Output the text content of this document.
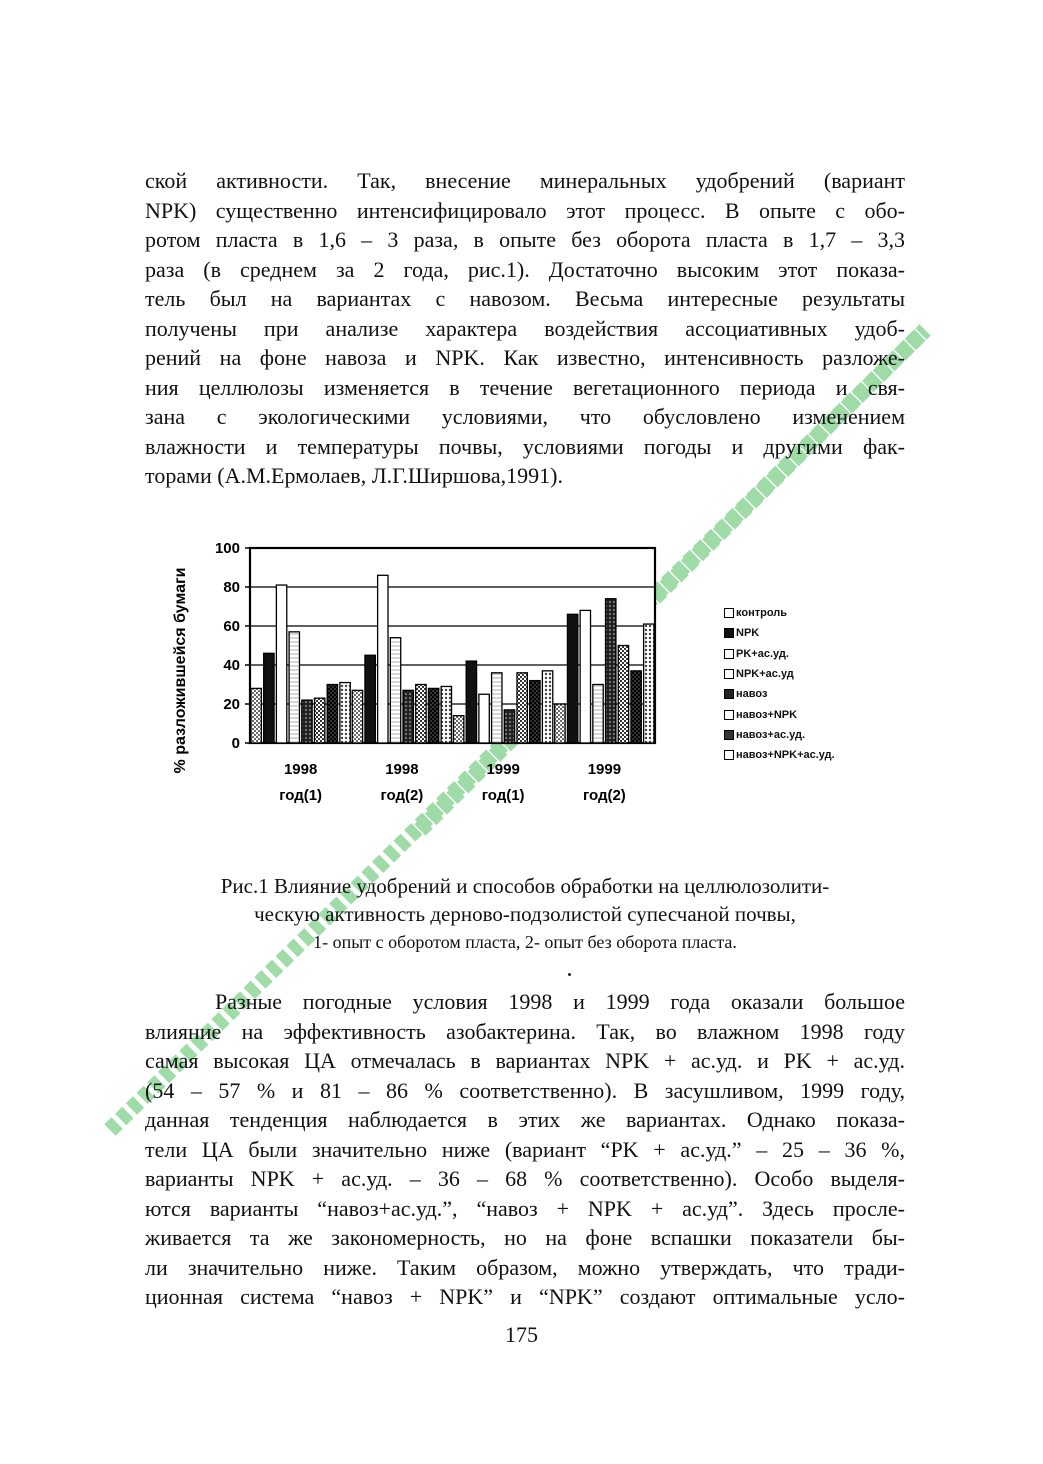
ской активности. Так, внесение минеральных удобрений (вариант
NPK) существенно интенсифицировало этот процесс. В опыте с обо-
ротом пласта в 1,6 – 3 раза, в опыте без оборота пласта в 1,7 – 3,3
раза (в среднем за 2 года, рис.1). Достаточно высоким этот показа-
тель был на вариантах с навозом. Весьма интересные результаты
получены при анализе характера воздействия ассоциативных удоб-
рений на фоне навоза и NPK. Как известно, интенсивность разложе-
ния целлюлозы изменяется в течение вегетационного периода и свя-
зана с экологическими условиями, что обусловлено изменением
влажности и температуры почвы, условиями погоды и другими фак-
торами (А.М.Ермолаев, Л.Г.Ширшова,1991).
0
20
40
60
80
100
1998
год(1)
1998
год(2)
1999
год(1)
1999
год(2)
% разложившейся бумаги	контроль
NPK
PK+ac.уд.
NPK+ac.уд
навоз
навоз+NPK
навоз+ac.уд.
навоз+NPK+ac.уд.
Рис.1 Влияние удобрений и способов обработки на целлюлозолити-
ческую активность дерново-подзолистой супесчаной почвы,
1- опыт с оборотом пласта, 2- опыт без оборота пласта.
Разные погодные условия 1998 и 1999 года оказали большое
влияние на эффективность азобактерина. Так, во влажном 1998 году
самая высокая ЦА отмечалась в вариантах NPK + ас.уд. и PK + ас.уд.
(54 – 57 % и 81 – 86 % соответственно). В засушливом, 1999 году,
данная тенденция наблюдается в этих же вариантах. Однако показа-
тели ЦА были значительно ниже (вариант “PK + ас.уд.” – 25 – 36 %,
варианты NPK + ас.уд. – 36 – 68 % соответственно). Особо выделя-
ются варианты “навоз+ас.уд.”, “навоз + NPK + ас.уд”. Здесь просле-
живается та же закономерность, но на фоне вспашки показатели бы-
ли значительно ниже. Таким образом, можно утверждать, что тради-
ционная система “навоз + NPK” и “NPK” создают оптимальные усло-
175
